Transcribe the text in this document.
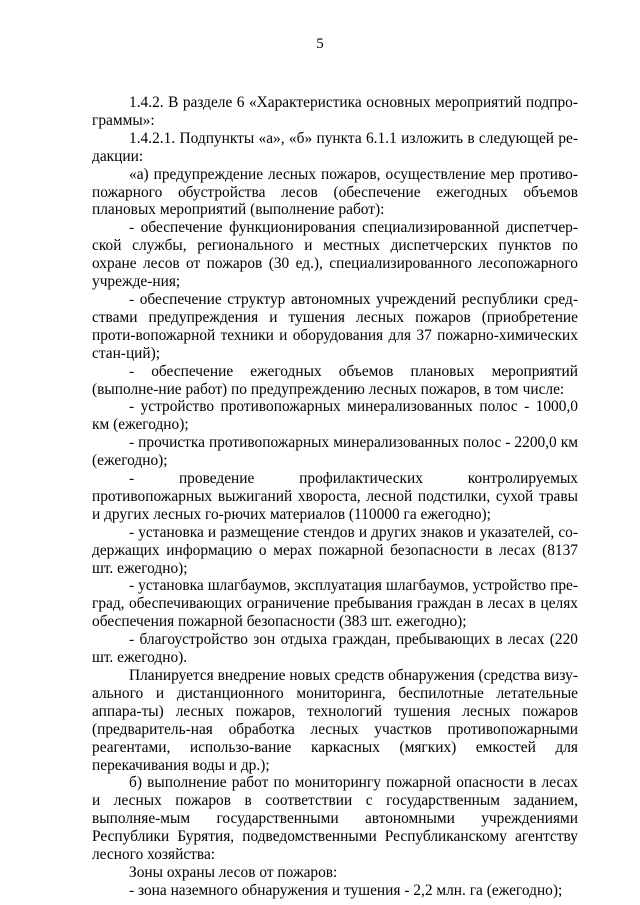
5

1.4.2. В разделе 6 «Характеристика основных мероприятий подпро-граммы»:

1.4.2.1. Подпункты «а», «б» пункта 6.1.1 изложить в следующей ре-дакции:

«а) предупреждение лесных пожаров, осуществление мер противо-пожарного обустройства лесов (обеспечение ежегодных объемов плановых мероприятий (выполнение работ):

- обеспечение функционирования специализированной диспетчер-ской службы, регионального и местных диспетчерских пунктов по охране лесов от пожаров (30 ед.), специализированного лесопожарного учрежде-ния;

- обеспечение структур автономных учреждений республики сред-ствами предупреждения и тушения лесных пожаров (приобретение проти-вопожарной техники и оборудования для 37 пожарно-химических стан-ций);

- обеспечение ежегодных объемов плановых мероприятий (выполне-ние работ) по предупреждению лесных пожаров, в том числе:

- устройство противопожарных минерализованных полос - 1000,0 км (ежегодно);

- прочистка противопожарных минерализованных полос - 2200,0 км (ежегодно);

- проведение профилактических контролируемых противопожарных выжиганий хвороста, лесной подстилки, сухой травы и других лесных го-рючих материалов (110000 га ежегодно);

- установка и размещение стендов и других знаков и указателей, со-держащих информацию о мерах пожарной безопасности в лесах (8137 шт. ежегодно);

- установка шлагбаумов, эксплуатация шлагбаумов, устройство пре-град, обеспечивающих ограничение пребывания граждан в лесах в целях обеспечения пожарной безопасности (383 шт. ежегодно);

- благоустройство зон отдыха граждан, пребывающих в лесах (220 шт. ежегодно).

Планируется внедрение новых средств обнаружения (средства визу-ального и дистанционного мониторинга, беспилотные летательные аппара-ты) лесных пожаров, технологий тушения лесных пожаров (предваритель-ная обработка лесных участков противопожарными реагентами, использо-вание каркасных (мягких) емкостей для перекачивания воды и др.);

б) выполнение работ по мониторингу пожарной опасности в лесах и лесных пожаров в соответствии с государственным заданием, выполняе-мым государственными автономными учреждениями Республики Бурятия, подведомственными Республиканскому агентству лесного хозяйства:

Зоны охраны лесов от пожаров:

- зона наземного обнаружения и тушения - 2,2 млн. га (ежегодно);
